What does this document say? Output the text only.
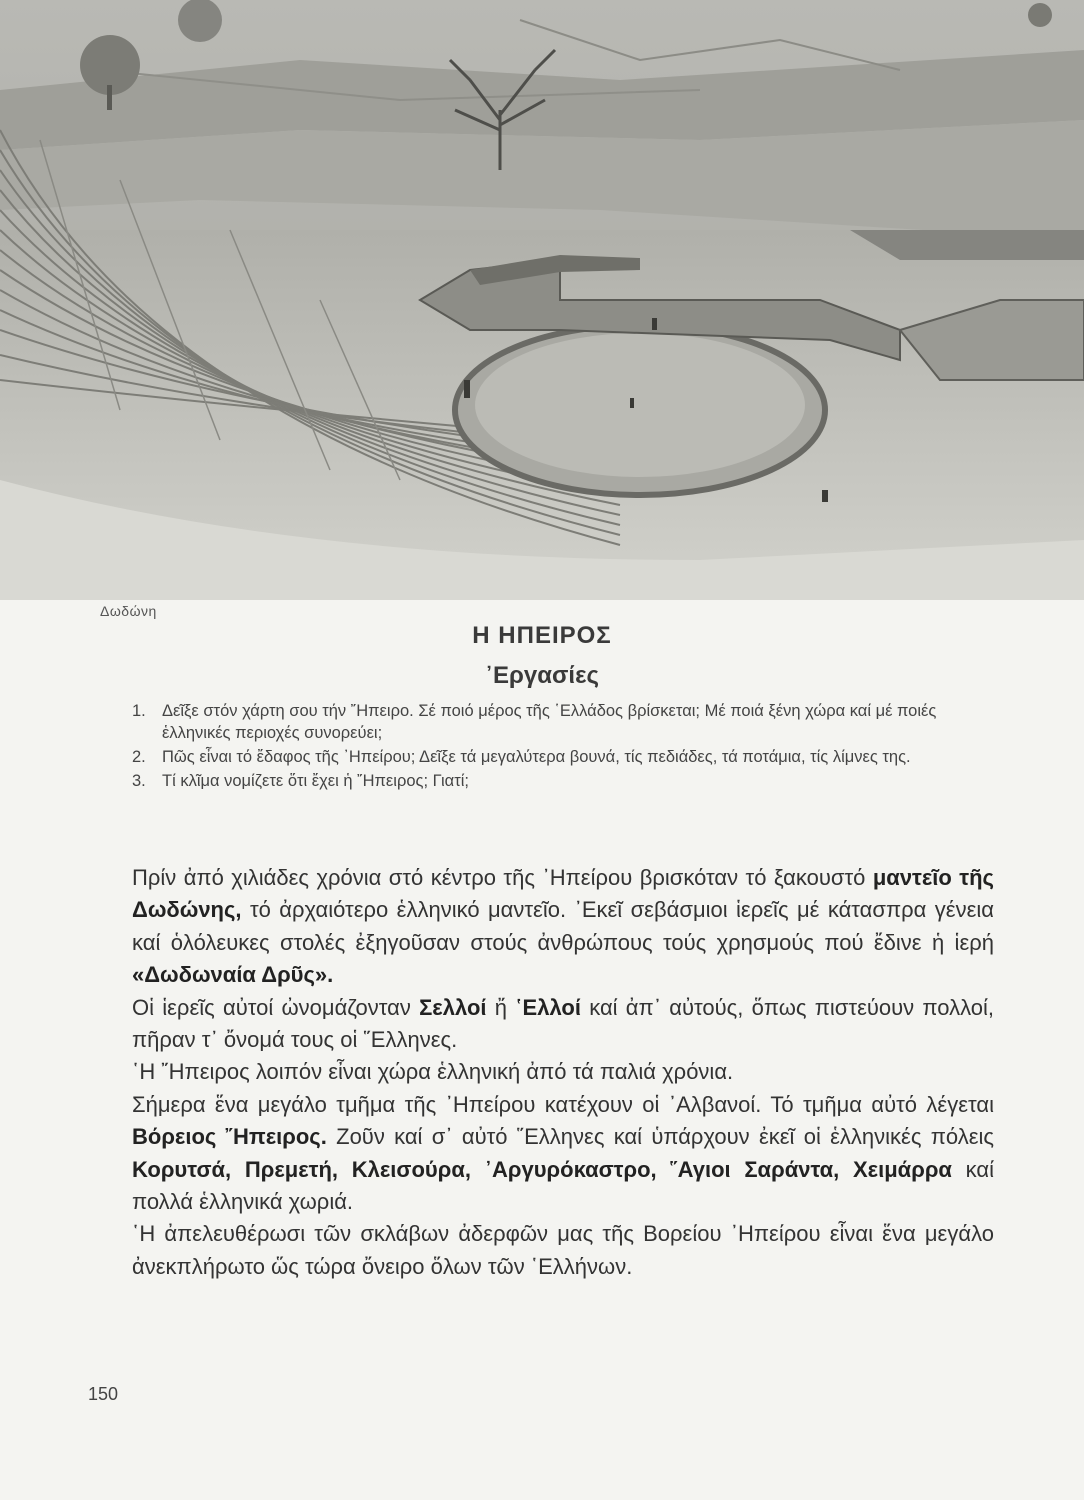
Δωδώνη
Η ΗΠΕΙΡΟΣ
᾿Εργασίες
1. Δεῖξε στόν χάρτη σου τήν ῎Ηπειρο. Σέ ποιό μέρος τῆς ῾Ελλάδος βρίσκεται; Μέ ποιά ξένη χώρα καί μέ ποιές ἑλληνικές περιοχές συνορεύει;
2. Πῶς εἶναι τό ἔδαφος τῆς ᾿Ηπείρου; Δεῖξε τά μεγαλύτερα βουνά, τίς πεδιάδες, τά ποτάμια, τίς λίμνες της.
3. Τί κλῖμα νομίζετε ὅτι ἔχει ἡ ῎Ηπειρος; Γιατί;

Πρίν ἀπό χιλιάδες χρόνια στό κέντρο τῆς ᾿Ηπείρου βρισκόταν τό ξακουστό μαντεῖο τῆς Δωδώνης, τό ἀρχαιότερο ἑλληνικό μαντεῖο. ᾿Εκεῖ σεβάσμιοι ἱερεῖς μέ κάτασπρα γένεια καί ὁλόλευκες στολές ἐξηγοῦσαν στούς ἀνθρώπους τούς χρησμούς πού ἔδινε ἡ ἱερή «Δωδωναία Δρῦς».

Οἱ ἱερεῖς αὐτοί ὠνομάζονταν Σελλοί ἤ ῾Ελλοί καί ἀπ᾿ αὐτούς, ὅπως πιστεύουν πολλοί, πῆραν τ᾿ ὄνομά τους οἱ ῞Ελληνες.

῾Η ῎Ηπειρος λοιπόν εἶναι χώρα ἑλληνική ἀπό τά παλιά χρόνια.

Σήμερα ἕνα μεγάλο τμῆμα τῆς ᾿Ηπείρου κατέχουν οἱ ᾿Αλβανοί. Τό τμῆμα αὐτό λέγεται Βόρειος ῎Ηπειρος. Ζοῦν καί σ᾿ αὐτό ῞Ελληνες καί ὑπάρχουν ἐκεῖ οἱ ἑλληνικές πόλεις Κορυτσά, Πρεμετή, Κλεισούρα, ᾿Αργυρόκαστρο, ῞Αγιοι Σαράντα, Χειμάρρα καί πολλά ἑλληνικά χωριά.

῾Η ἀπελευθέρωσι τῶν σκλάβων ἀδερφῶν μας τῆς Βορείου ᾿Ηπείρου εἶναι ἕνα μεγάλο ἀνεκπλήρωτο ὥς τώρα ὄνειρο ὅλων τῶν ῾Ελλήνων.

150
